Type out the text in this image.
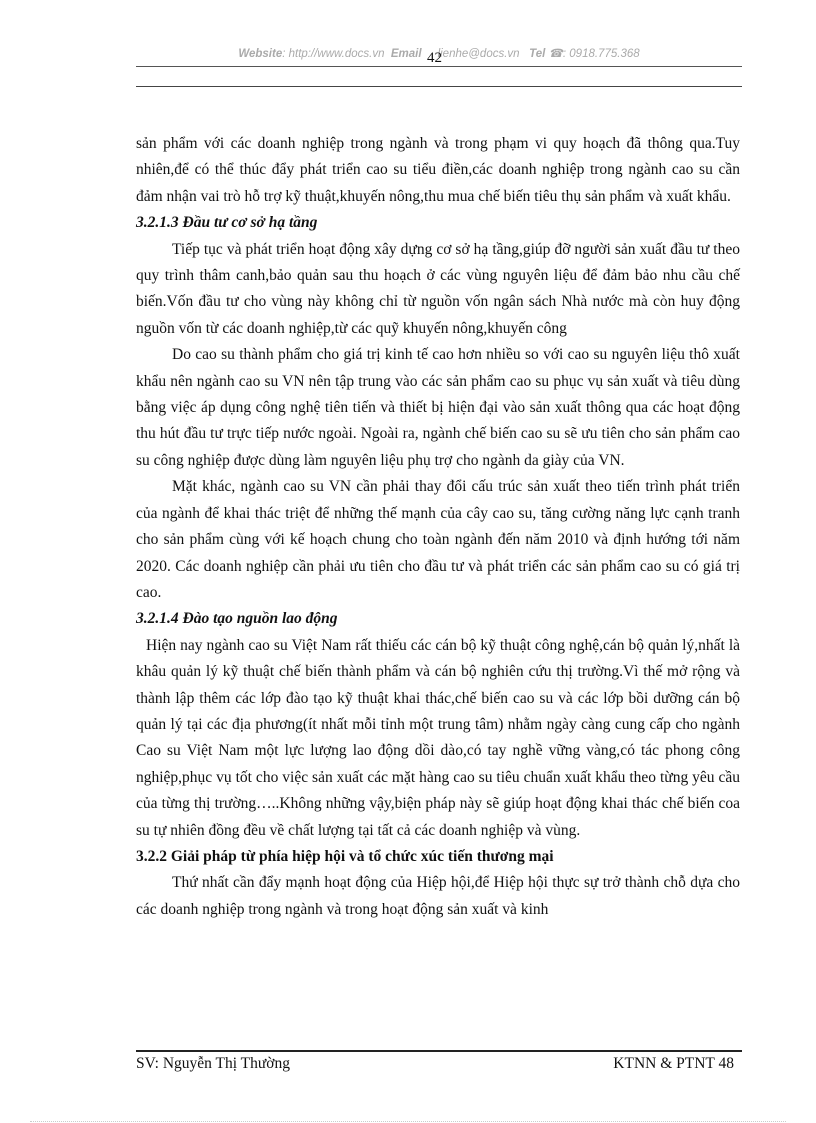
Website: http://www.docs.vn Email lienhe@docs.vn Tel ☎: 0918.775.368
42

sản phẩm với các doanh nghiệp trong ngành và trong phạm vi quy hoạch đã thông qua.Tuy nhiên,để có thể thúc đẩy phát triển cao su tiểu điền,các doanh nghiệp trong ngành cao su cần đảm nhận vai trò hỗ trợ kỹ thuật,khuyến nông,thu mua chế biến tiêu thụ sản phẩm và xuất khẩu.

3.2.1.3 Đầu tư cơ sở hạ tầng

Tiếp tục và phát triển hoạt động xây dựng cơ sở hạ tầng,giúp đỡ người sản xuất đầu tư theo quy trình thâm canh,bảo quản sau thu hoạch ở các vùng nguyên liệu để đảm bảo nhu cầu chế biến.Vốn đầu tư cho vùng này không chỉ từ nguồn vốn ngân sách Nhà nước mà còn huy động nguồn vốn từ các doanh nghiệp,từ các quỹ khuyến nông,khuyến công

Do cao su thành phẩm cho giá trị kinh tế cao hơn nhiều so với cao su nguyên liệu thô xuất khẩu nên ngành cao su VN nên tập trung vào các sản phẩm cao su phục vụ sản xuất và tiêu dùng bằng việc áp dụng công nghệ tiên tiến và thiết bị hiện đại vào sản xuất thông qua các hoạt động thu hút đầu tư trực tiếp nước ngoài. Ngoài ra, ngành chế biến cao su sẽ ưu tiên cho sản phẩm cao su công nghiệp được dùng làm nguyên liệu phụ trợ cho ngành da giày của VN.

Mặt khác, ngành cao su VN cần phải thay đổi cấu trúc sản xuất theo tiến trình phát triển của ngành để khai thác triệt để những thế mạnh của cây cao su, tăng cường năng lực cạnh tranh cho sản phẩm cùng với kế hoạch chung cho toàn ngành đến năm 2010 và định hướng tới năm 2020. Các doanh nghiệp cần phải ưu tiên cho đầu tư và phát triển các sản phẩm cao su có giá trị cao.

3.2.1.4 Đào tạo nguồn lao động

Hiện nay ngành cao su Việt Nam rất thiếu các cán bộ kỹ thuật công nghệ,cán bộ quản lý,nhất là khâu quản lý kỹ thuật chế biến thành phẩm và cán bộ nghiên cứu thị trường.Vì thế mở rộng và thành lập thêm các lớp đào tạo kỹ thuật khai thác,chế biến cao su và các lớp bồi dưỡng cán bộ quản lý tại các địa phương(ít nhất mỗi tỉnh một trung tâm) nhằm ngày càng cung cấp cho ngành Cao su Việt Nam một lực lượng lao động dồi dào,có tay nghề vững vàng,có tác phong công nghiệp,phục vụ tốt cho việc sản xuất các mặt hàng cao su tiêu chuẩn xuất khẩu theo từng yêu cầu của từng thị trường…..Không những vậy,biện pháp này sẽ giúp hoạt động khai thác chế biến coa su tự nhiên đồng đều về chất lượng tại tất cả các doanh nghiệp và vùng.

3.2.2 Giải pháp từ phía hiệp hội và tổ chức xúc tiến thương mại

Thứ nhất cần đẩy mạnh hoạt động của Hiệp hội,để Hiệp hội thực sự trở thành chỗ dựa cho các doanh nghiệp trong ngành và trong hoạt động sản xuất và kinh

SV: Nguyễn Thị Thường	KTNN & PTNT 48
